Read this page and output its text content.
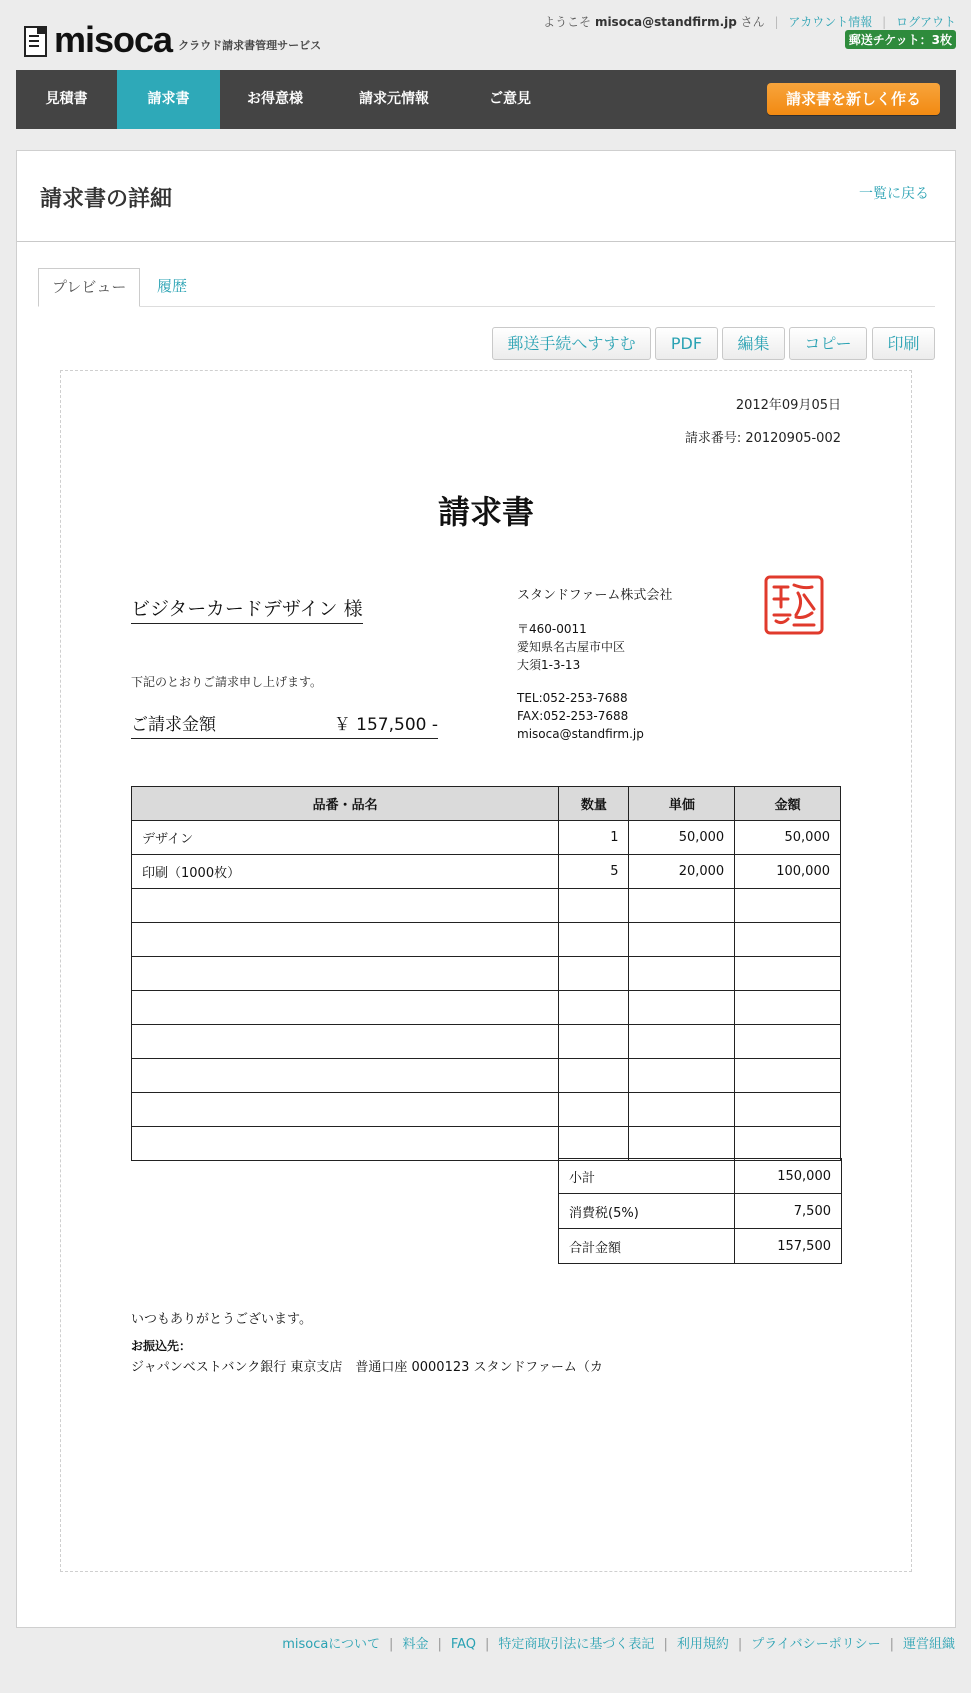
misoca クラウド請求書管理サービス
ようこそ misoca@standfirm.jp さん | アカウント情報 | ログアウト
郵送チケット：3枚
見積書	請求書	お得意様	請求元情報	ご意見	請求書を新しく作る
請求書の詳細	一覧に戻る
プレビュー	履歴
郵送手続へすすむ	PDF	編集	コピー	印刷
2012年09月05日
請求番号: 20120905-002
請求書
ビジターカードデザイン 様
下記のとおりご請求申し上げます。
ご請求金額	￥ 157,500 -
スタンドファーム株式会社
〒460-0011
愛知県名古屋市中区
大須1-3-13
TEL:052-253-7688
FAX:052-253-7688
misoca@standfirm.jp
品番・品名	数量	単価	金額
デザイン	1	50,000	50,000
印刷（1000枚）	5	20,000	100,000

小計	150,000
消費税(5%)	7,500
合計金額	157,500
いつもありがとうございます。
お振込先：
ジャパンベストバンク銀行 東京支店　普通口座 0000123 スタンドファーム（カ
misocaについて | 料金 | FAQ | 特定商取引法に基づく表記 | 利用規約 | プライバシーポリシー | 運営組織
